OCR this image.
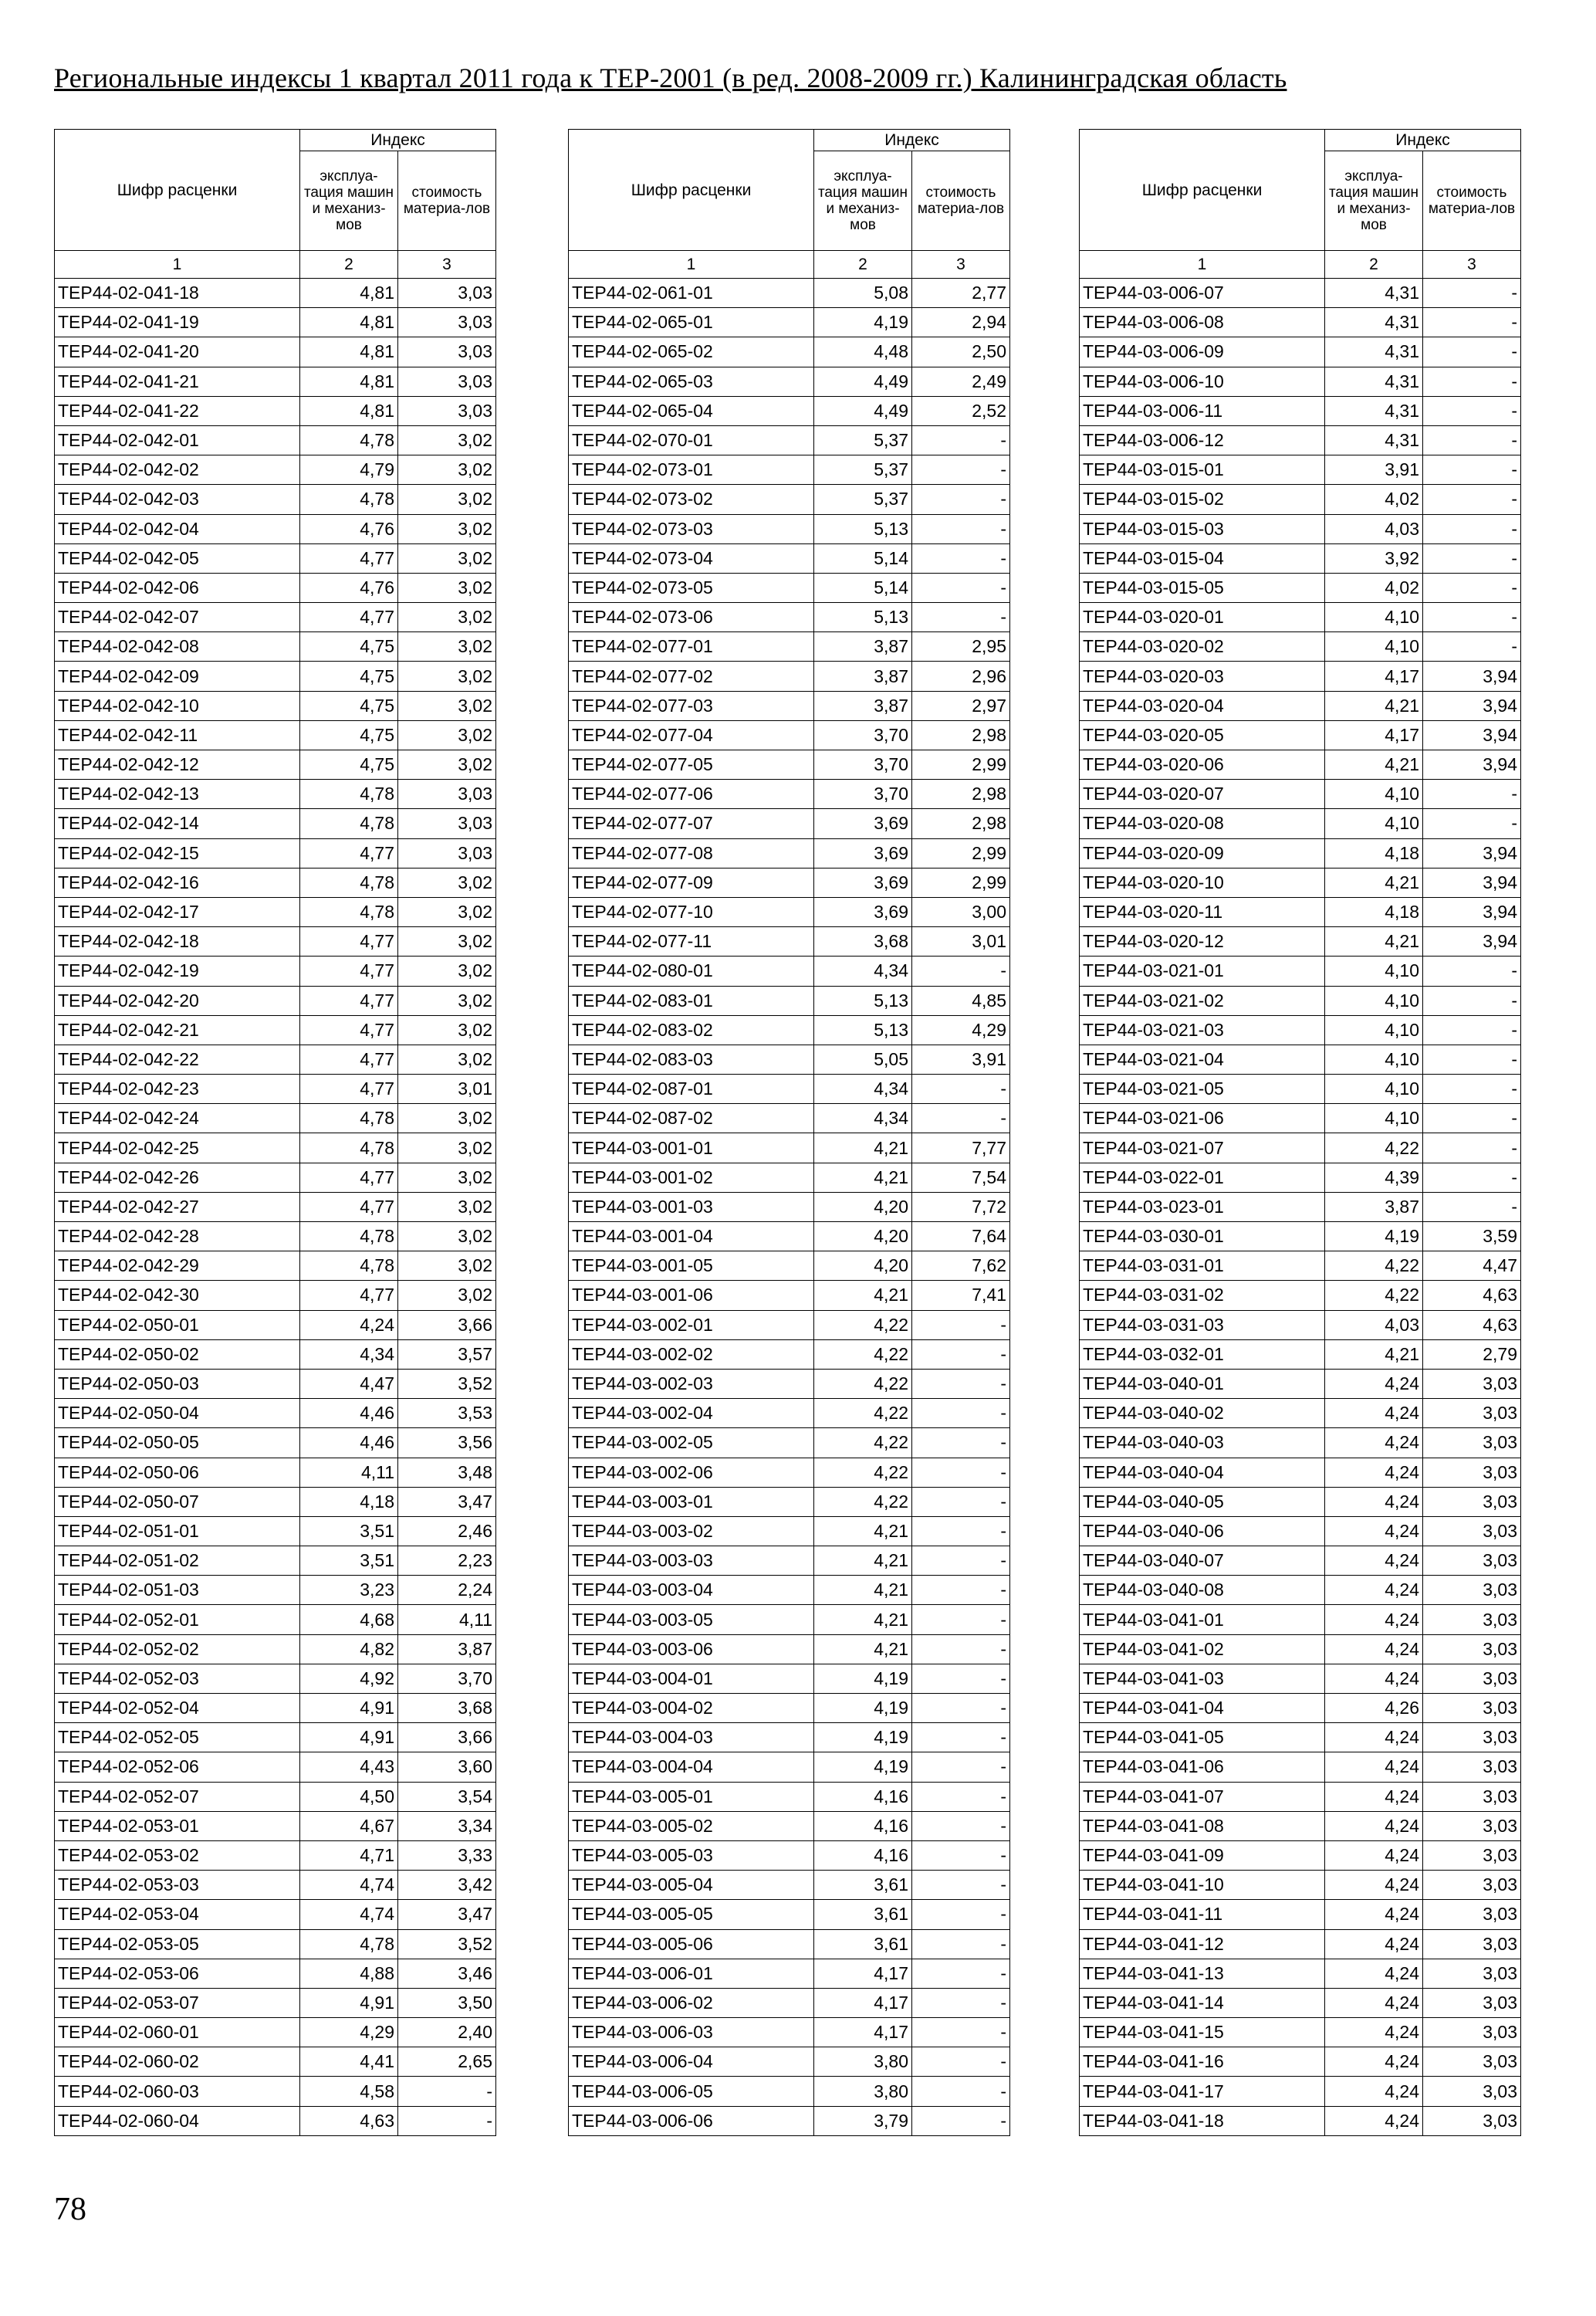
Региональные индексы 1 квартал 2011 года к ТЕР-2001 (в ред. 2008-2009 гг.) Калининградская область
Шифр расценки	Индекс	
	эксплуа-тация машин и механиз-мов	стоимость материа-лов
1	2	3
ТЕР44-02-041-18	4,81	3,03
ТЕР44-02-041-19	4,81	3,03
ТЕР44-02-041-20	4,81	3,03
ТЕР44-02-041-21	4,81	3,03
ТЕР44-02-041-22	4,81	3,03
ТЕР44-02-042-01	4,78	3,02
ТЕР44-02-042-02	4,79	3,02
ТЕР44-02-042-03	4,78	3,02
ТЕР44-02-042-04	4,76	3,02
ТЕР44-02-042-05	4,77	3,02
ТЕР44-02-042-06	4,76	3,02
ТЕР44-02-042-07	4,77	3,02
ТЕР44-02-042-08	4,75	3,02
ТЕР44-02-042-09	4,75	3,02
ТЕР44-02-042-10	4,75	3,02
ТЕР44-02-042-11	4,75	3,02
ТЕР44-02-042-12	4,75	3,02
ТЕР44-02-042-13	4,78	3,03
ТЕР44-02-042-14	4,78	3,03
ТЕР44-02-042-15	4,77	3,03
ТЕР44-02-042-16	4,78	3,02
ТЕР44-02-042-17	4,78	3,02
ТЕР44-02-042-18	4,77	3,02
ТЕР44-02-042-19	4,77	3,02
ТЕР44-02-042-20	4,77	3,02
ТЕР44-02-042-21	4,77	3,02
ТЕР44-02-042-22	4,77	3,02
ТЕР44-02-042-23	4,77	3,01
ТЕР44-02-042-24	4,78	3,02
ТЕР44-02-042-25	4,78	3,02
ТЕР44-02-042-26	4,77	3,02
ТЕР44-02-042-27	4,77	3,02
ТЕР44-02-042-28	4,78	3,02
ТЕР44-02-042-29	4,78	3,02
ТЕР44-02-042-30	4,77	3,02
ТЕР44-02-050-01	4,24	3,66
ТЕР44-02-050-02	4,34	3,57
ТЕР44-02-050-03	4,47	3,52
ТЕР44-02-050-04	4,46	3,53
ТЕР44-02-050-05	4,46	3,56
ТЕР44-02-050-06	4,11	3,48
ТЕР44-02-050-07	4,18	3,47
ТЕР44-02-051-01	3,51	2,46
ТЕР44-02-051-02	3,51	2,23
ТЕР44-02-051-03	3,23	2,24
ТЕР44-02-052-01	4,68	4,11
ТЕР44-02-052-02	4,82	3,87
ТЕР44-02-052-03	4,92	3,70
ТЕР44-02-052-04	4,91	3,68
ТЕР44-02-052-05	4,91	3,66
ТЕР44-02-052-06	4,43	3,60
ТЕР44-02-052-07	4,50	3,54
ТЕР44-02-053-01	4,67	3,34
ТЕР44-02-053-02	4,71	3,33
ТЕР44-02-053-03	4,74	3,42
ТЕР44-02-053-04	4,74	3,47
ТЕР44-02-053-05	4,78	3,52
ТЕР44-02-053-06	4,88	3,46
ТЕР44-02-053-07	4,91	3,50
ТЕР44-02-060-01	4,29	2,40
ТЕР44-02-060-02	4,41	2,65
ТЕР44-02-060-03	4,58	-
ТЕР44-02-060-04	4,63	-
Шифр расценки	Индекс	
	эксплуа-тация машин и механиз-мов	стоимость материа-лов
1	2	3
ТЕР44-02-061-01	5,08	2,77
ТЕР44-02-065-01	4,19	2,94
ТЕР44-02-065-02	4,48	2,50
ТЕР44-02-065-03	4,49	2,49
ТЕР44-02-065-04	4,49	2,52
ТЕР44-02-070-01	5,37	-
ТЕР44-02-073-01	5,37	-
ТЕР44-02-073-02	5,37	-
ТЕР44-02-073-03	5,13	-
ТЕР44-02-073-04	5,14	-
ТЕР44-02-073-05	5,14	-
ТЕР44-02-073-06	5,13	-
ТЕР44-02-077-01	3,87	2,95
ТЕР44-02-077-02	3,87	2,96
ТЕР44-02-077-03	3,87	2,97
ТЕР44-02-077-04	3,70	2,98
ТЕР44-02-077-05	3,70	2,99
ТЕР44-02-077-06	3,70	2,98
ТЕР44-02-077-07	3,69	2,98
ТЕР44-02-077-08	3,69	2,99
ТЕР44-02-077-09	3,69	2,99
ТЕР44-02-077-10	3,69	3,00
ТЕР44-02-077-11	3,68	3,01
ТЕР44-02-080-01	4,34	-
ТЕР44-02-083-01	5,13	4,85
ТЕР44-02-083-02	5,13	4,29
ТЕР44-02-083-03	5,05	3,91
ТЕР44-02-087-01	4,34	-
ТЕР44-02-087-02	4,34	-
ТЕР44-03-001-01	4,21	7,77
ТЕР44-03-001-02	4,21	7,54
ТЕР44-03-001-03	4,20	7,72
ТЕР44-03-001-04	4,20	7,64
ТЕР44-03-001-05	4,20	7,62
ТЕР44-03-001-06	4,21	7,41
ТЕР44-03-002-01	4,22	-
ТЕР44-03-002-02	4,22	-
ТЕР44-03-002-03	4,22	-
ТЕР44-03-002-04	4,22	-
ТЕР44-03-002-05	4,22	-
ТЕР44-03-002-06	4,22	-
ТЕР44-03-003-01	4,22	-
ТЕР44-03-003-02	4,21	-
ТЕР44-03-003-03	4,21	-
ТЕР44-03-003-04	4,21	-
ТЕР44-03-003-05	4,21	-
ТЕР44-03-003-06	4,21	-
ТЕР44-03-004-01	4,19	-
ТЕР44-03-004-02	4,19	-
ТЕР44-03-004-03	4,19	-
ТЕР44-03-004-04	4,19	-
ТЕР44-03-005-01	4,16	-
ТЕР44-03-005-02	4,16	-
ТЕР44-03-005-03	4,16	-
ТЕР44-03-005-04	3,61	-
ТЕР44-03-005-05	3,61	-
ТЕР44-03-005-06	3,61	-
ТЕР44-03-006-01	4,17	-
ТЕР44-03-006-02	4,17	-
ТЕР44-03-006-03	4,17	-
ТЕР44-03-006-04	3,80	-
ТЕР44-03-006-05	3,80	-
ТЕР44-03-006-06	3,79	-
Шифр расценки	Индекс	
	эксплуа-тация машин и механиз-мов	стоимость материа-лов
1	2	3
ТЕР44-03-006-07	4,31	-
ТЕР44-03-006-08	4,31	-
ТЕР44-03-006-09	4,31	-
ТЕР44-03-006-10	4,31	-
ТЕР44-03-006-11	4,31	-
ТЕР44-03-006-12	4,31	-
ТЕР44-03-015-01	3,91	-
ТЕР44-03-015-02	4,02	-
ТЕР44-03-015-03	4,03	-
ТЕР44-03-015-04	3,92	-
ТЕР44-03-015-05	4,02	-
ТЕР44-03-020-01	4,10	-
ТЕР44-03-020-02	4,10	-
ТЕР44-03-020-03	4,17	3,94
ТЕР44-03-020-04	4,21	3,94
ТЕР44-03-020-05	4,17	3,94
ТЕР44-03-020-06	4,21	3,94
ТЕР44-03-020-07	4,10	-
ТЕР44-03-020-08	4,10	-
ТЕР44-03-020-09	4,18	3,94
ТЕР44-03-020-10	4,21	3,94
ТЕР44-03-020-11	4,18	3,94
ТЕР44-03-020-12	4,21	3,94
ТЕР44-03-021-01	4,10	-
ТЕР44-03-021-02	4,10	-
ТЕР44-03-021-03	4,10	-
ТЕР44-03-021-04	4,10	-
ТЕР44-03-021-05	4,10	-
ТЕР44-03-021-06	4,10	-
ТЕР44-03-021-07	4,22	-
ТЕР44-03-022-01	4,39	-
ТЕР44-03-023-01	3,87	-
ТЕР44-03-030-01	4,19	3,59
ТЕР44-03-031-01	4,22	4,47
ТЕР44-03-031-02	4,22	4,63
ТЕР44-03-031-03	4,03	4,63
ТЕР44-03-032-01	4,21	2,79
ТЕР44-03-040-01	4,24	3,03
ТЕР44-03-040-02	4,24	3,03
ТЕР44-03-040-03	4,24	3,03
ТЕР44-03-040-04	4,24	3,03
ТЕР44-03-040-05	4,24	3,03
ТЕР44-03-040-06	4,24	3,03
ТЕР44-03-040-07	4,24	3,03
ТЕР44-03-040-08	4,24	3,03
ТЕР44-03-041-01	4,24	3,03
ТЕР44-03-041-02	4,24	3,03
ТЕР44-03-041-03	4,24	3,03
ТЕР44-03-041-04	4,26	3,03
ТЕР44-03-041-05	4,24	3,03
ТЕР44-03-041-06	4,24	3,03
ТЕР44-03-041-07	4,24	3,03
ТЕР44-03-041-08	4,24	3,03
ТЕР44-03-041-09	4,24	3,03
ТЕР44-03-041-10	4,24	3,03
ТЕР44-03-041-11	4,24	3,03
ТЕР44-03-041-12	4,24	3,03
ТЕР44-03-041-13	4,24	3,03
ТЕР44-03-041-14	4,24	3,03
ТЕР44-03-041-15	4,24	3,03
ТЕР44-03-041-16	4,24	3,03
ТЕР44-03-041-17	4,24	3,03
ТЕР44-03-041-18	4,24	3,03
78
